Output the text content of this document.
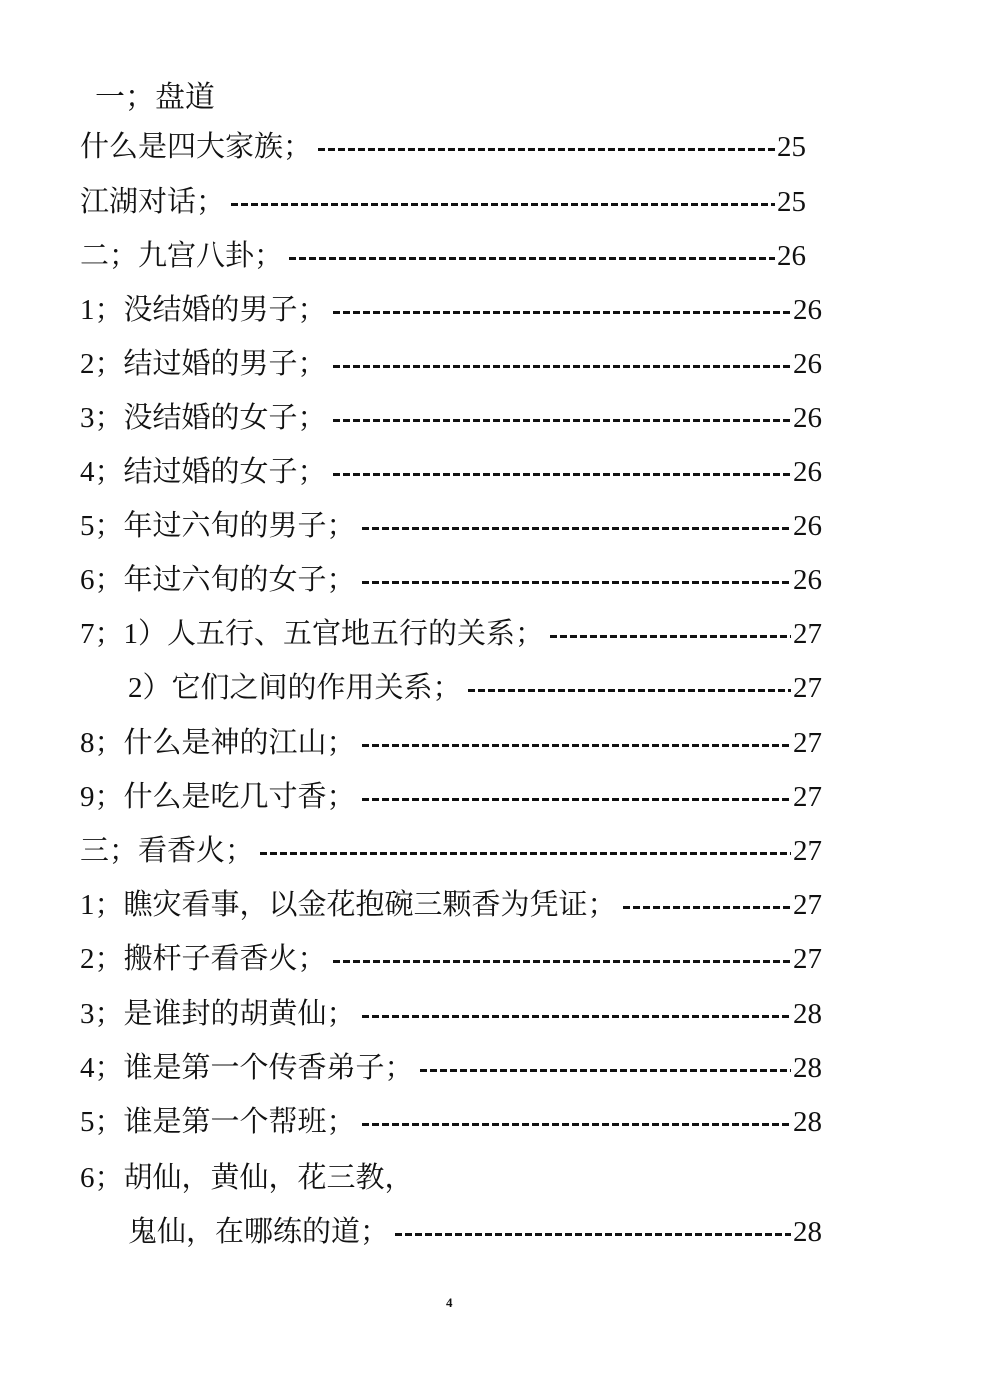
一；盘道
什么是四大家族；	25
江湖对话；	25
二；九宫八卦；	26
1；没结婚的男子；	26
2；结过婚的男子；	26
3；没结婚的女子；	26
4；结过婚的女子；	26
5；年过六旬的男子；	26
6；年过六旬的女子；	26
7；1）人五行、五官地五行的关系；	27
2）它们之间的作用关系；	27
8；什么是神的江山；	27
9；什么是吃几寸香；	27
三；看香火；	27
1；瞧灾看事，以金花抱碗三颗香为凭证；	27
2；搬杆子看香火；	27
3；是谁封的胡黄仙；	28
4；谁是第一个传香弟子；	28
5；谁是第一个帮班；	28
6；胡仙，黄仙，花三教，
鬼仙，在哪练的道；	28
4
